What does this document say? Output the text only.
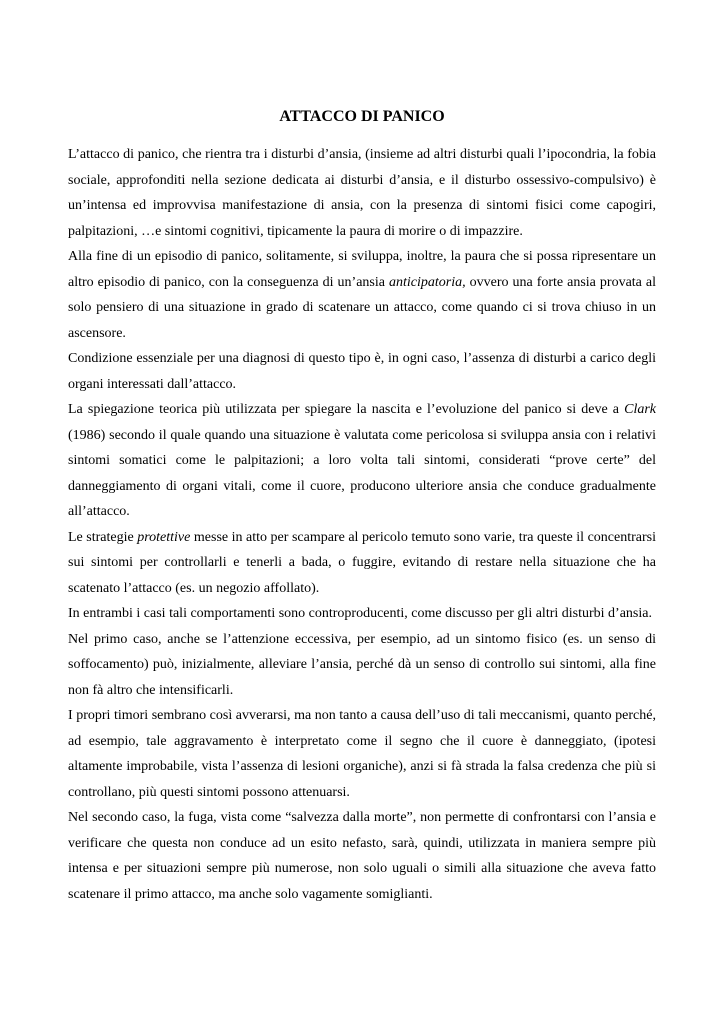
ATTACCO DI PANICO

L’attacco di panico, che rientra tra i disturbi d’ansia, (insieme ad altri disturbi quali l’ipocondria, la fobia sociale, approfonditi nella sezione dedicata ai disturbi d’ansia, e il disturbo ossessivo-compulsivo) è un’intensa ed improvvisa manifestazione di ansia, con la presenza di sintomi fisici come capogiri, palpitazioni, …e sintomi cognitivi, tipicamente la paura di morire o di impazzire.

Alla fine di un episodio di panico, solitamente, si sviluppa, inoltre, la paura che si possa ripresentare un altro episodio di panico, con la conseguenza di un’ansia anticipatoria, ovvero una forte ansia provata al solo pensiero di una situazione in grado di scatenare un attacco, come quando ci si trova chiuso in un ascensore.

Condizione essenziale per una diagnosi di questo tipo è, in ogni caso, l’assenza di disturbi a carico degli organi interessati dall’attacco.

La spiegazione teorica più utilizzata per spiegare la nascita e l’evoluzione del panico si deve a Clark (1986) secondo il quale quando una situazione è valutata come pericolosa si sviluppa ansia con i relativi sintomi somatici come le palpitazioni; a loro volta tali sintomi, considerati “prove certe” del danneggiamento di organi vitali, come il cuore, producono ulteriore ansia che conduce gradualmente all’attacco.

Le strategie protettive messe in atto per scampare al pericolo temuto sono varie, tra queste il concentrarsi sui sintomi per controllarli e tenerli a bada, o fuggire, evitando di restare nella situazione che ha scatenato l’attacco (es. un negozio affollato).

In entrambi i casi tali comportamenti sono controproducenti, come discusso per gli altri disturbi d’ansia.

Nel primo caso, anche se l’attenzione eccessiva, per esempio, ad un sintomo fisico (es. un senso di soffocamento) può, inizialmente, alleviare l’ansia, perché dà un senso di controllo sui sintomi, alla fine non fà altro che intensificarli.

I propri timori sembrano così avverarsi, ma non tanto a causa dell’uso di tali meccanismi, quanto perché, ad esempio, tale aggravamento è interpretato come il segno che il cuore è danneggiato, (ipotesi altamente improbabile, vista l’assenza di lesioni organiche), anzi si fà strada la falsa credenza che più si controllano, più questi sintomi possono attenuarsi.

Nel secondo caso, la fuga, vista come “salvezza dalla morte”, non permette di confrontarsi con l’ansia e verificare che questa non conduce ad un esito nefasto, sarà, quindi, utilizzata in maniera sempre più intensa e per situazioni sempre più numerose, non solo uguali o simili alla situazione che aveva fatto scatenare il primo attacco, ma anche solo vagamente somiglianti.
